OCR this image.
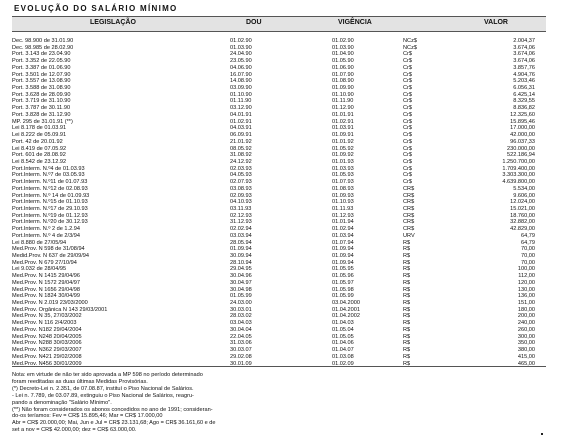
EVOLUÇÃO DO SALÁRIO MÍNIMO
LEGISLAÇÃO	DOU	VIGÊNCIA	VALOR
Dec. 98.900 de 31.01.90	01.02.90	01.02.90	NCz$	2.004,37
Dec. 98.985 de 28.02.90	01.03.90	01.03.90	NCz$	3.674,06
Port. 3.143 de 23.04.90	24.04.90	01.04.90	Cr$	3.674,06
Port. 3.352 de 22.05.90	23.05.90	01.05.90	Cr$	3.674,06
Port. 3.387 de 01.06.90	04.06.90	01.06.90	Cr$	3.857,76
Port. 3.501 de 12.07.90	16.07.90	01.07.90	Cr$	4.904,76
Port. 3.557 de 13.08.90	14.08.90	01.08.90	Cr$	5.203,46
Port. 3.588 de 31.08.90	03.09.90	01.09.90	Cr$	6.056,31
Port. 3.628 de 28.09.90	01.10.90	01.10.90	Cr$	6.425,14
Port. 3.719 de 31.10.90	01.11.90	01.11.90	Cr$	8.329,55
Port. 3.787 de 30.11.90	03.12.90	01.12.90	Cr$	8.836,82
Port. 3.828 de 31.12.90	04.01.91	01.01.91	Cr$	12.325,60
MP. 295 de 31.01.91 (**)	01.02.91	01.02.91	Cr$	15.895,46
Lei 8.178 de 01.03.91	04.03.91	01.03.91	Cr$	17.000,00
Lei 8.222 de 05.09.91	06.09.91	01.09.91	Cr$	42.000,00
Port. 42 de 20.01.92	21.01.92	01.01.92	Cr$	96.037,33
Lei 8.419 de 07.05.92	08.05.92	01.05.92	Cr$	230.000,00
Port. 601 de 28.08.92	31.08.92	01.09.92	Cr$	522.186,94
Lei 8.542 de 23.12.92	24.12.92	01.01.93	Cr$	1.250.700,00
Port.Interm. N.º4 de 01.03.93	02.03.93	01.03.93	Cr$	1.709.400,00
Port.Interm. N.º7 de 03.05.93	04.05.93	01.05.93	Cr$	3.303.300,00
Port.Interm. N.º11 de 01.07.93	02.07.93	01.07.93	Cr$	4.639.800,00
Port.Interm. N.º12 de 02.08.93	03.08.93	01.08.93	CR$	5.534,00
Port.Interm. N.º 14 de 01.09.93	02.09.93	01.09.93	CR$	9.606,00
Port.Interm. N.º15 de 01.10.93	04.10.93	01.10.93	CR$	12.024,00
Port.Interm. N.º17 de 29.10.93	03.11.93	01.11.93	CR$	15.021,00
Port.Interm. N.º19 de 01.12.93	02.12.93	01.12.93	CR$	18.760,00
Port.Interm. N.º20 de 30.12.93	31.12.93	01.01.94	CR$	32.882,00
Port.Interm. N.º 2 de 1.2.94	02.02.94	01.02.94	CR$	42.829,00
Port.Interm. N.º 4 de 2/3/94	03.03.94	01.03.94	URV	64,79
Lei 8.880 de 27/05/94	28.05.94	01.07.94	R$	64,79
Med.Prov. N 598 de 31/08/94	01.09.94	01.09.94	R$	70,00
Medid.Prov. N 637 de 29/09/94	30.09.94	01.09.94	R$	70,00
Med.Prov. N 679 27/10/94	28.10.94	01.09.94	R$	70,00
Lei 9.032 de 28/04/95	29.04.95	01.05.95	R$	100,00
Med.Prov. N 1415 29/04/96	30.04.96	01.05.96	R$	112,00
Med.Prov. N 1572 29/04/97	30.04.97	01.05.97	R$	120,00
Med.Prov. N 1656 29/04/98	30.04.98	01.05.98	R$	130,00
Med.Prov. N 1824 30/04/99	01.05.99	01.05.99	R$	136,00
Med.Prov. N 2.019 23/03/2000	24.03.00	03.04.2000	R$	151,00
Med.Prov. Orgânica N 143 29/03/2001	30.03.01	01.04.2001	R$	180,00
Med.Prov. N 35, 27/03/2002	28.03.02	01.04.2002	R$	200,00
Med.Prov. N 116 2/4/2003	03.04.03	01.04.03	R$	240,00
Med.Prov. N182 29/04/2004	30.04.04	01.05.04	R$	260,00
Med.Prov. N248 20/04/2005	22.04.05	01.05.05	R$	300,00
Med.Prov. N288 30/03/2006	31.03.06	01.04.06	R$	350,00
Med.Prov. N362 29/03/2007	30.03.07	01.04.07	R$	380,00
Med.Prov. N421 29/02/2008	29.02.08	01.03.08	R$	415,00
Med.Prov. N456 30/01/2009	30.01.09	01.02.09	R$	465,00
Nota: em virtude de não ter sido aprovada a MP 598 no período determinado
foram reeditadas as duas últimas Medidas Provisórias.
(*) Decreto-Lei n. 2.351, de 07.08.87, instituí o Piso Nacional de Salários.
- Lei n. 7.789, de 03.07.89, extinguiu o Piso Nacional de Salários, reagru-
pando a denominação "Salário Mínimo".
(**) Não foram considerados os abonos concedidos no ano de 1991; consideran-
do-os teríamos: Fev = CR$ 15.895,46; Mar = CR$ 17.000,00
Abr = CR$ 20.000,00; Mai, Jun e Jul = CR$ 23.131,68; Ago = CR$ 36.161,60 e de
set a nov = CR$ 42.000,00; dez = CR$ 63.000,00.
